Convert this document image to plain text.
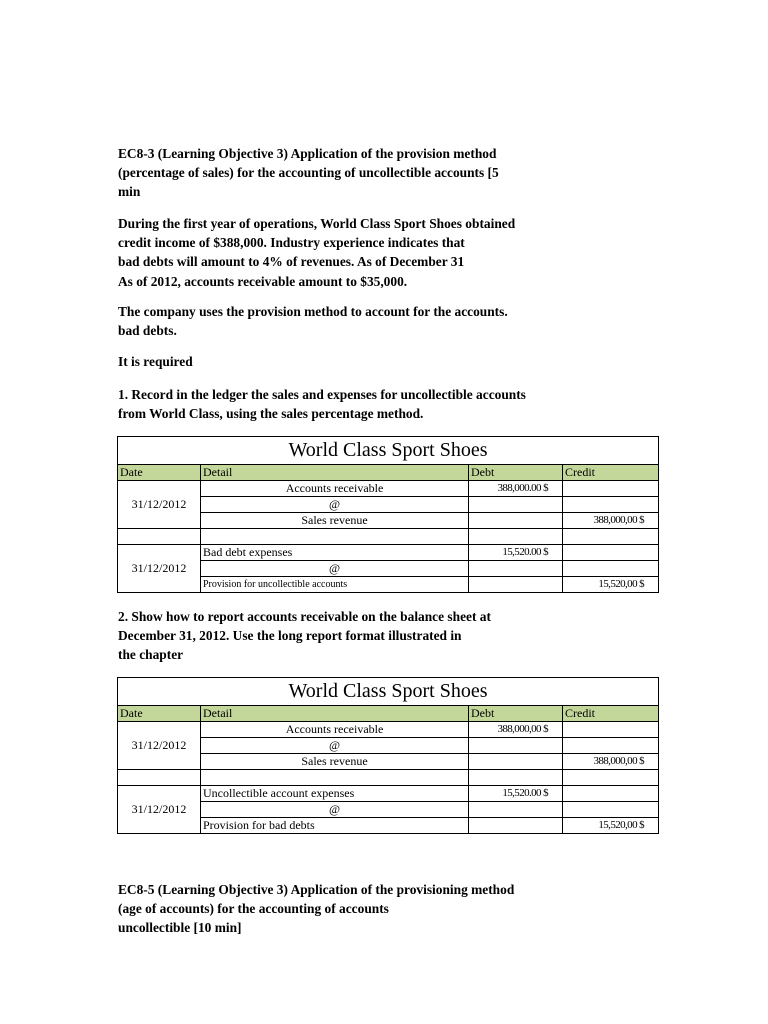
EC8-3 (Learning Objective 3) Application of the provision method
(percentage of sales) for the accounting of uncollectible accounts [5
min
During the first year of operations, World Class Sport Shoes obtained
credit income of $388,000. Industry experience indicates that
bad debts will amount to 4% of revenues. As of December 31
As of 2012, accounts receivable amount to $35,000.
The company uses the provision method to account for the accounts.
bad debts.
It is required
1. Record in the ledger the sales and expenses for uncollectible accounts
from World Class, using the sales percentage method.
World Class Sport Shoes			
Date	Detail	Debt	Credit
31/12/2012	Accounts receivable	388,000.00 $	
	@		
	Sales revenue		388,000,00 $

31/12/2012	Bad debt expenses	15,520.00 $	
	@		
	Provision for uncollectible accounts		15,520,00 $
2. Show how to report accounts receivable on the balance sheet at
December 31, 2012. Use the long report format illustrated in
the chapter
World Class Sport Shoes			
Date	Detail	Debt	Credit
31/12/2012	Accounts receivable	388,000,00 $	
	@		
	Sales revenue		388,000,00 $

31/12/2012	Uncollectible account expenses	15,520.00 $	
	@		
	Provision for bad debts		15,520,00 $
EC8-5 (Learning Objective 3) Application of the provisioning method
(age of accounts) for the accounting of accounts
uncollectible [10 min]
